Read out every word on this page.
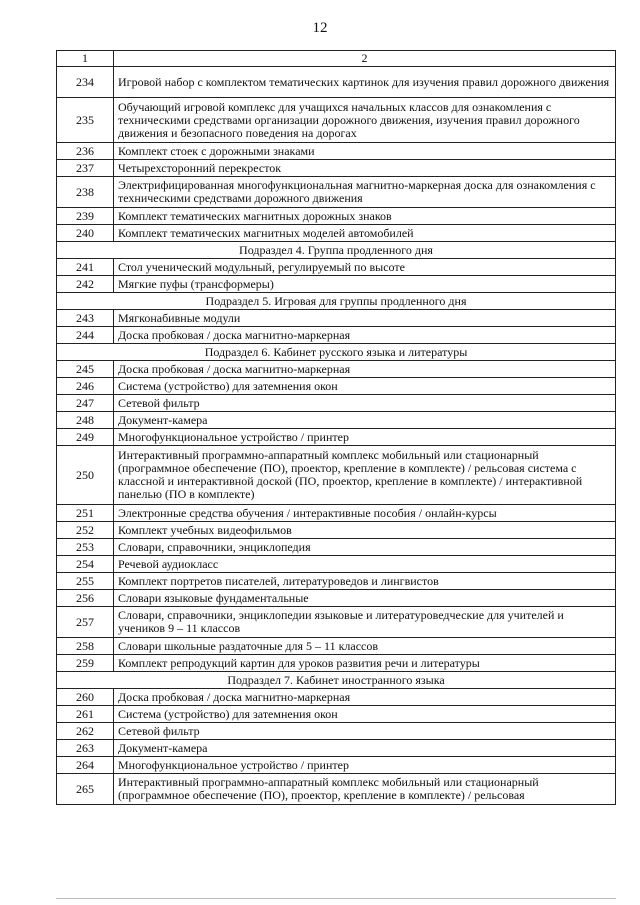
12
1	2
234	Игровой набор с комплектом тематических картинок для изучения правил дорожного движения
235	Обучающий игровой комплекс для учащихся начальных классов для ознакомления с техническими средствами организации дорожного движения, изучения правил дорожного движения и безопасного поведения на дорогах
236	Комплект стоек с дорожными знаками
237	Четырехсторонний перекресток
238	Электрифицированная многофункциональная магнитно-маркерная доска для ознакомления с техническими средствами дорожного движения
239	Комплект тематических магнитных дорожных знаков
240	Комплект тематических магнитных моделей автомобилей
Подраздел 4. Группа продленного дня	
241	Стол ученический модульный, регулируемый по высоте
242	Мягкие пуфы (трансформеры)
Подраздел 5. Игровая для группы продленного дня	
243	Мягконабивные модули
244	Доска пробковая / доска магнитно-маркерная
Подраздел 6. Кабинет русского языка и литературы	
245	Доска пробковая / доска магнитно-маркерная
246	Система (устройство) для затемнения окон
247	Сетевой фильтр
248	Документ-камера
249	Многофункциональное устройство / принтер
250	Интерактивный программно-аппаратный комплекс мобильный или стационарный (программное обеспечение (ПО), проектор, крепление в комплекте) / рельсовая система с классной и интерактивной доской (ПО, проектор, крепление в комплекте) / интерактивной панелью (ПО в комплекте)
251	Электронные средства обучения / интерактивные пособия / онлайн-курсы
252	Комплект учебных видеофильмов
253	Словари, справочники, энциклопедия
254	Речевой аудиокласс
255	Комплект портретов писателей, литературоведов и лингвистов
256	Словари языковые фундаментальные
257	Словари, справочники, энциклопедии языковые и литературоведческие для учителей и учеников 9 – 11 классов
258	Словари школьные раздаточные для 5 – 11 классов
259	Комплект репродукций картин для уроков развития речи и литературы
Подраздел 7. Кабинет иностранного языка	
260	Доска пробковая / доска магнитно-маркерная
261	Система (устройство) для затемнения окон
262	Сетевой фильтр
263	Документ-камера
264	Многофункциональное устройство / принтер
265	Интерактивный программно-аппаратный комплекс мобильный или стационарный (программное обеспечение (ПО), проектор, крепление в комплекте) / рельсовая
